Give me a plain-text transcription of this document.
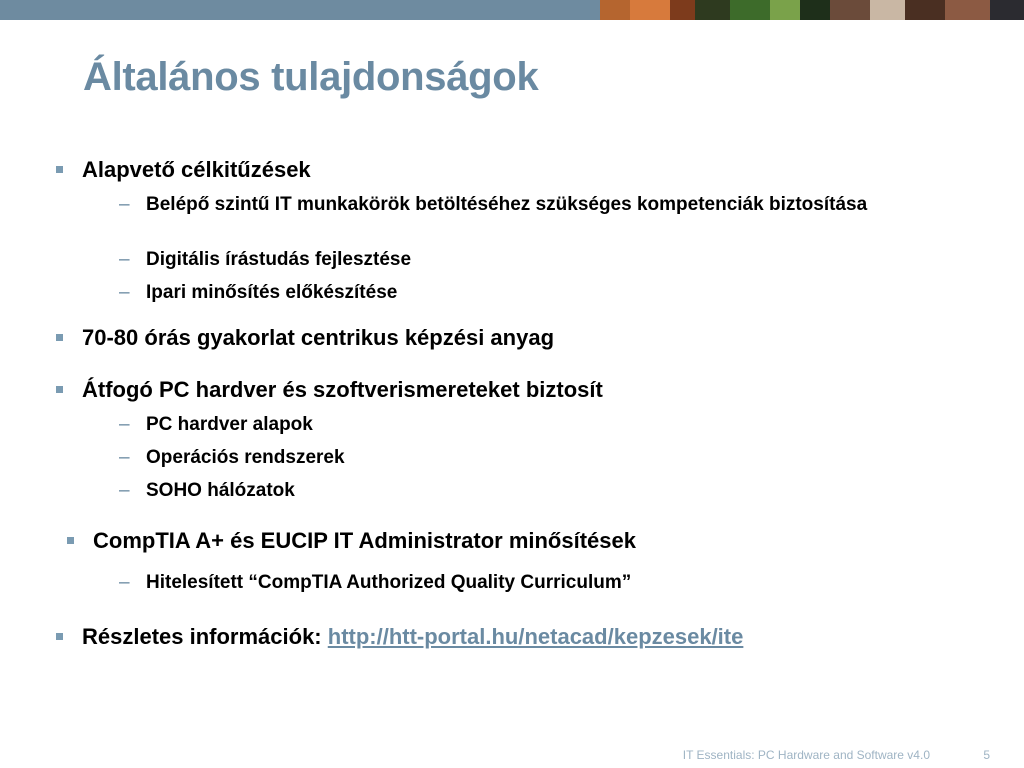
Általános tulajdonságok
Alapvető célkitűzések
– Belépő szintű IT munkakörök betöltéséhez szükséges kompetenciák biztosítása
– Digitális írástudás fejlesztése
– Ipari minősítés előkészítése
70-80 órás gyakorlat centrikus képzési anyag
Átfogó PC hardver és szoftverismereteket biztosít
– PC hardver alapok
– Operációs rendszerek
– SOHO hálózatok
CompTIA A+ és EUCIP IT Administrator minősítések
– Hitelesített “CompTIA Authorized Quality Curriculum”
Részletes információk: http://htt-portal.hu/netacad/kepzesek/ite
IT Essentials: PC Hardware and Software v4.0	5
